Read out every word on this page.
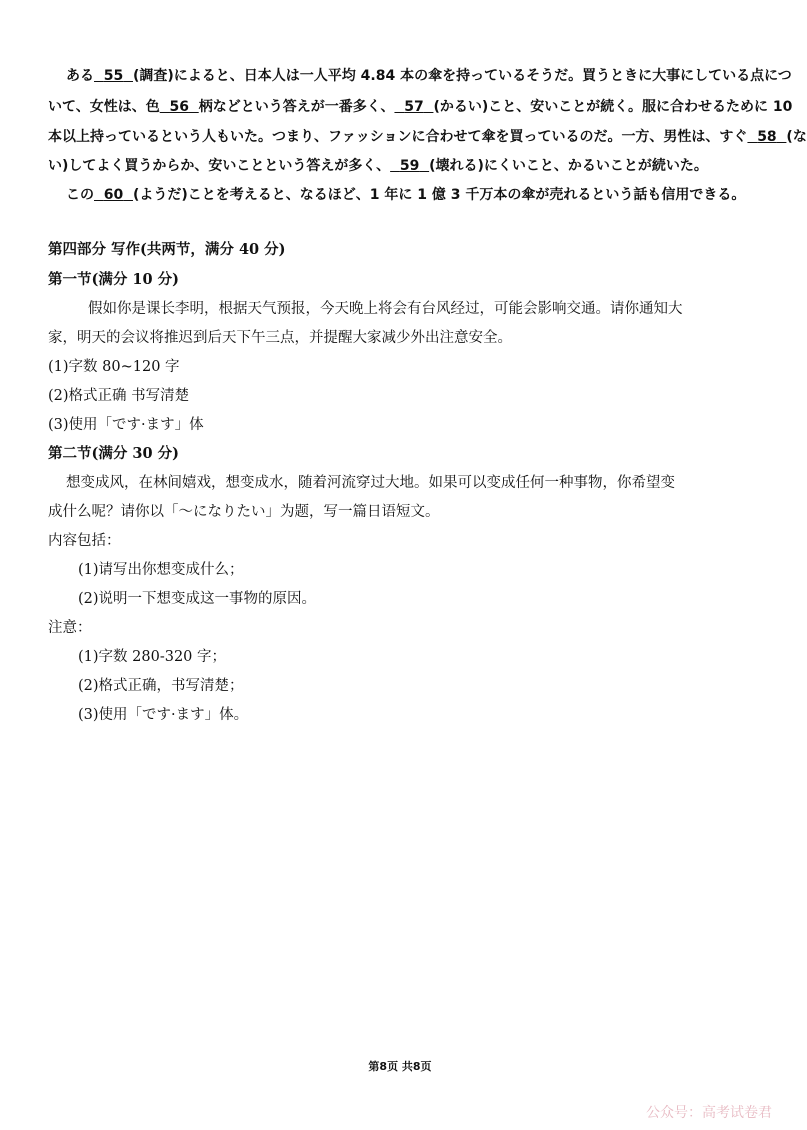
ある 55 (調査)によると、日本人は一人平均 4.84 本の傘を持っているそうだ。買うときに大事にしている点につ
いて、女性は、色 56 柄などという答えが一番多く、 57 (かるい)こと、安いことが続く。服に合わせるために 10
本以上持っているという人もいた。つまり、ファッションに合わせて傘を買っているのだ。一方、男性は、すぐ 58 (な
い)してよく買うからか、安いことという答えが多く、 59 (壊れる)にくいこと、かるいことが続いた。
この 60 (ようだ)ことを考えると、なるほど、1 年に 1 億 3 千万本の傘が売れるという話も信用できる。
第四部分 写作(共两节，满分 40 分)
第一节(满分 10 分)
假如你是课长李明，根据天气预报，今天晚上将会有台风经过，可能会影响交通。请你通知大
家，明天的会议将推迟到后天下午三点，并提醒大家减少外出注意安全。
(1)字数 80~120 字
(2)格式正确 书写清楚
(3)使用「です·ます」体
第二节(满分 30 分)
想变成风，在林间嬉戏，想变成水，随着河流穿过大地。如果可以变成任何一种事物，你希望变
成什么呢？请你以「～になりたい」为题，写一篇日语短文。
内容包括：
(1)请写出你想变成什么；
(2)说明一下想变成这一事物的原因。
注意：
(1)字数 280-320 字；
(2)格式正确，书写清楚；
(3)使用「です·ます」体。
第8页 共8页
公众号：高考试卷君
